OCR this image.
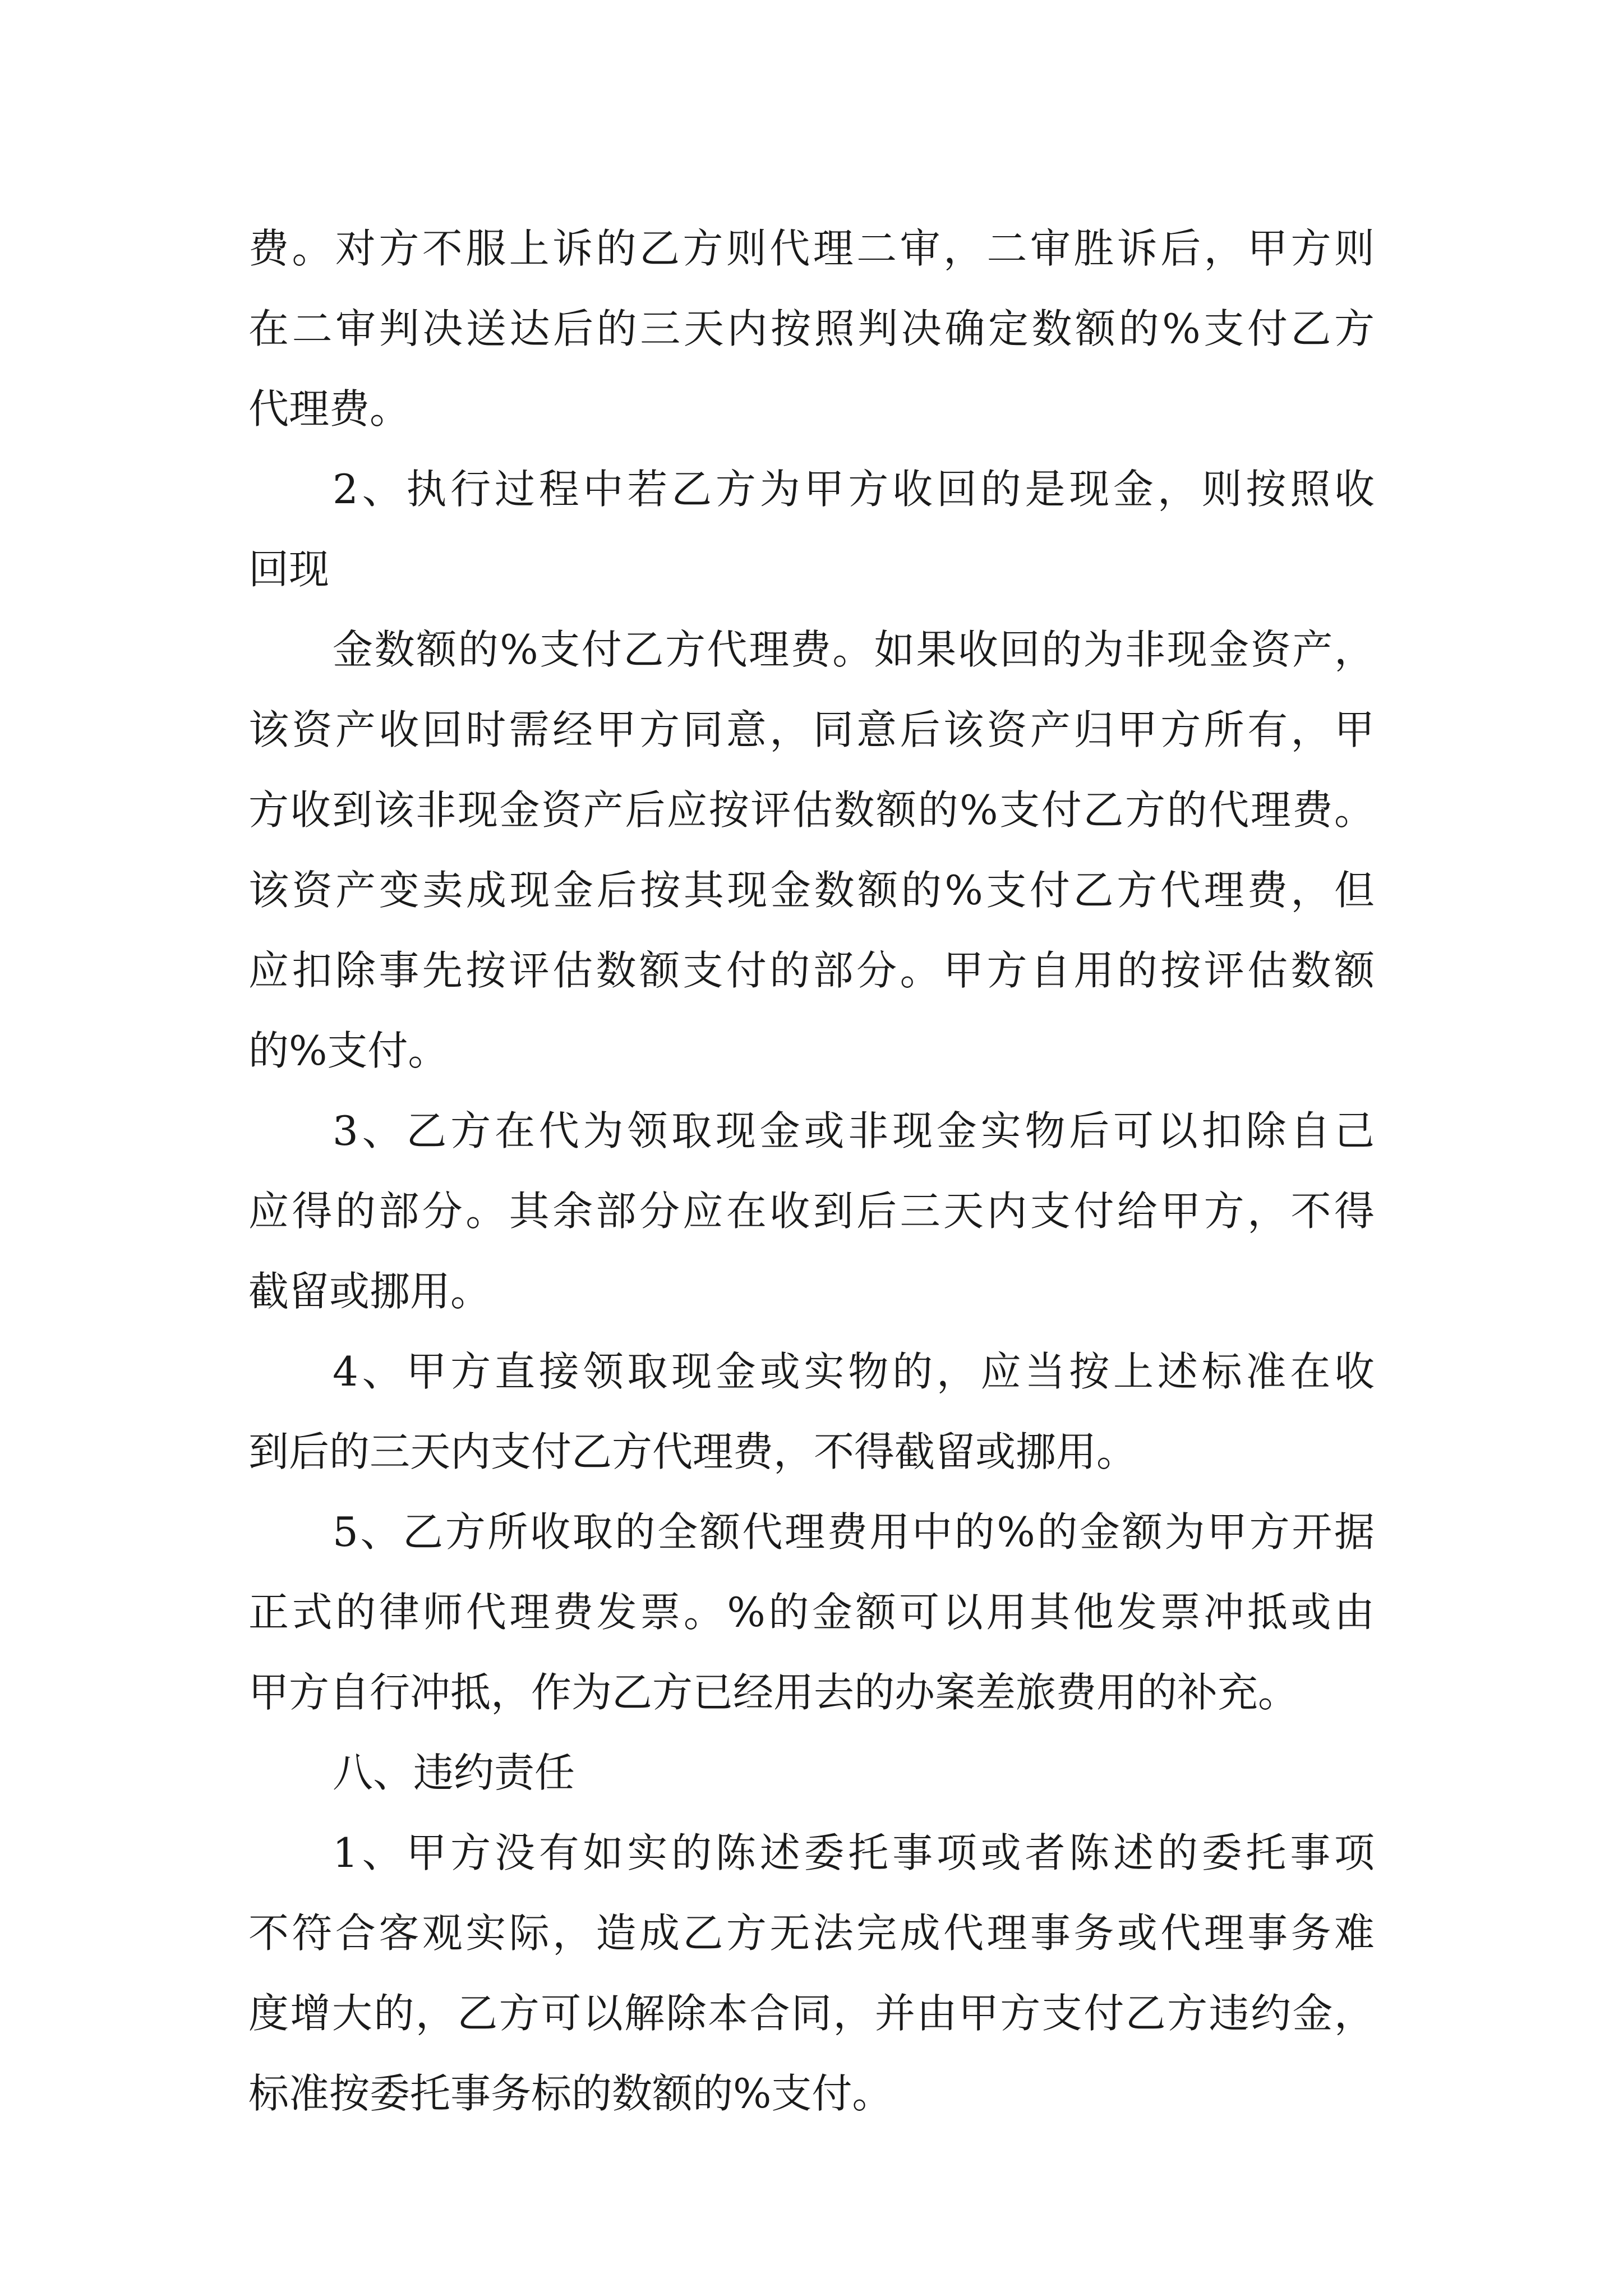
费。对方不服上诉的乙方则代理二审，二审胜诉后，甲方则
在二审判决送达后的三天内按照判决确定数额的%支付乙方
代理费。
2、执行过程中若乙方为甲方收回的是现金，则按照收
回现
金数额的%支付乙方代理费。如果收回的为非现金资产，
该资产收回时需经甲方同意，同意后该资产归甲方所有，甲
方收到该非现金资产后应按评估数额的%支付乙方的代理费。
该资产变卖成现金后按其现金数额的%支付乙方代理费，但
应扣除事先按评估数额支付的部分。甲方自用的按评估数额
的%支付。
3、乙方在代为领取现金或非现金实物后可以扣除自己
应得的部分。其余部分应在收到后三天内支付给甲方，不得
截留或挪用。
4、甲方直接领取现金或实物的，应当按上述标准在收
到后的三天内支付乙方代理费，不得截留或挪用。
5、乙方所收取的全额代理费用中的%的金额为甲方开据
正式的律师代理费发票。%的金额可以用其他发票冲抵或由
甲方自行冲抵，作为乙方已经用去的办案差旅费用的补充。
八、违约责任
1、甲方没有如实的陈述委托事项或者陈述的委托事项
不符合客观实际，造成乙方无法完成代理事务或代理事务难
度增大的，乙方可以解除本合同，并由甲方支付乙方违约金，
标准按委托事务标的数额的%支付。
